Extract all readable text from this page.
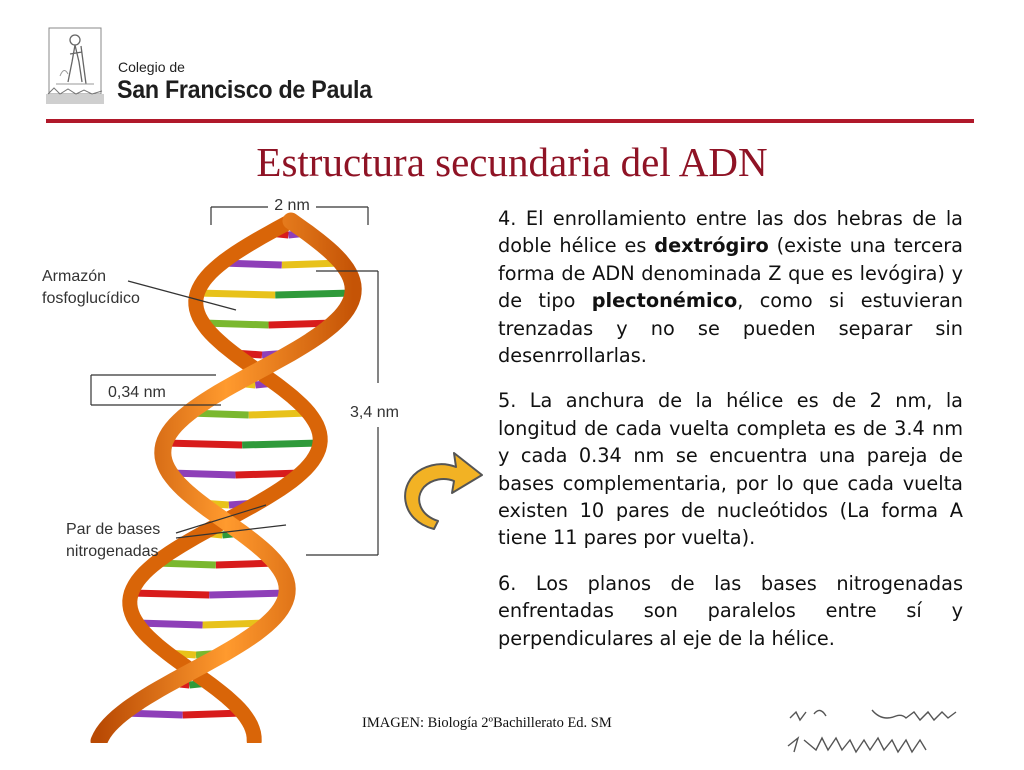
Colegio de
San Francisco de Paula
Estructura secundaria del ADN
2 nm
Armazón
fosfoglucídico
0,34 nm
3,4 nm
Par de bases
nitrogenadas

4. El enrollamiento entre las dos hebras de la doble hélice es dextrógiro (existe una tercera forma de ADN denominada Z que es levógira) y de tipo plectonémico, como si estuvieran trenzadas y no se pueden separar sin desenrrollarlas.

5. La anchura de la hélice es de 2 nm, la longitud de cada vuelta completa es de 3.4 nm y cada 0.34 nm se encuentra una pareja de bases complementaria, por lo que cada vuelta existen 10 pares de nucleótidos (La forma A tiene 11 pares por vuelta).

6. Los planos de las bases nitrogenadas enfrentadas son paralelos entre sí y perpendiculares al eje de la hélice.

IMAGEN: Biología 2ºBachillerato Ed. SM
